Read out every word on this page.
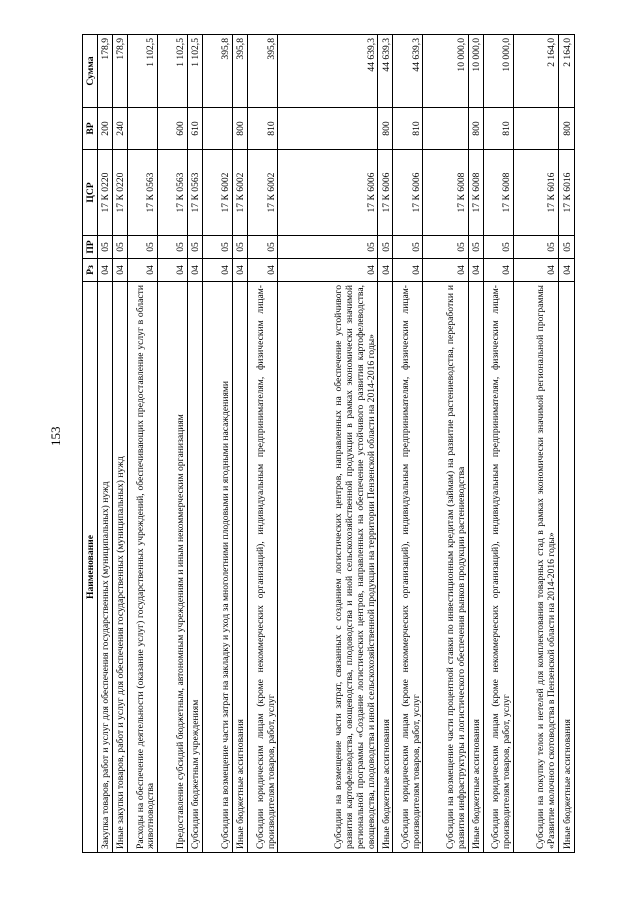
153
Наименование	Рз	ПР	ЦСР	ВР	Сумма
Закупка товаров, работ и услуг для обеспечения государственных (муниципальных) нужд	04	05	17 К 0220	200	178,9
Иные закупки товаров, работ и услуг для обеспечения государственных (муниципальных) нужд	04	05	17 К 0220	240	178,9
Расходы на обеспечение деятельности (оказание услуг) государственных учреждений, обеспечивающих предоставление услуг в области животноводства	04	05	17 К 0563		1 102,5
Предоставление субсидий бюджетным, автономным учреждениям и иным некоммерческим организациям	04	05	17 К 0563	600	1 102,5
Субсидии бюджетным учреждениям	04	05	17 К 0563	610	1 102,5
Субсидии на возмещение части затрат на закладку и уход за многолетними плодовыми и ягодными насаждениями	04	05	17 К 6002		395,8
Иные бюджетные ассигнования	04	05	17 К 6002	800	395,8
Субсидии юридическим лицам (кроме некоммерческих организаций), индивидуальным предпринимателям, физическим лицам-производителям товаров, работ, услуг	04	05	17 К 6002	810	395,8
Субсидии на возмещение части затрат, связанных с созданием логистических центров, направленных на обеспечение устойчивого развития картофелеводства, овощеводства, плодоводства и иной сельскохозяйственной продукции в рамках экономически значимой региональной программы «Создание логистических центров, направленных на обеспечение устойчивого развития картофелеводства, овощеводства, плодоводства и иной сельскохозяйственной продукции на территории Пензенской области на 2014-2016 годы»	04	05	17 К 6006		44 639,3
Иные бюджетные ассигнования	04	05	17 К 6006	800	44 639,3
Субсидии юридическим лицам (кроме некоммерческих организаций), индивидуальным предпринимателям, физическим лицам-производителям товаров, работ, услуг	04	05	17 К 6006	810	44 639,3
Субсидии на возмещение части процентной ставки по инвестиционным кредитам (займам) на развитие растениеводства, переработки и развития инфраструктуры и логистического обеспечения рынков продукции растениеводства	04	05	17 К 6008		10 000,0
Иные бюджетные ассигнования	04	05	17 К 6008	800	10 000,0
Субсидии юридическим лицам (кроме некоммерческих организаций), индивидуальным предпринимателям, физическим лицам-производителям товаров, работ, услуг	04	05	17 К 6008	810	10 000,0
Субсидии на покупку телок и нетелей для комплектования товарных стад в рамках экономически значимой региональной программы «Развитие молочного скотоводства в Пензенской области на 2014-2016 годы»	04	05	17 К 6016		2 164,0
Иные бюджетные ассигнования	04	05	17 К 6016	800	2 164,0
